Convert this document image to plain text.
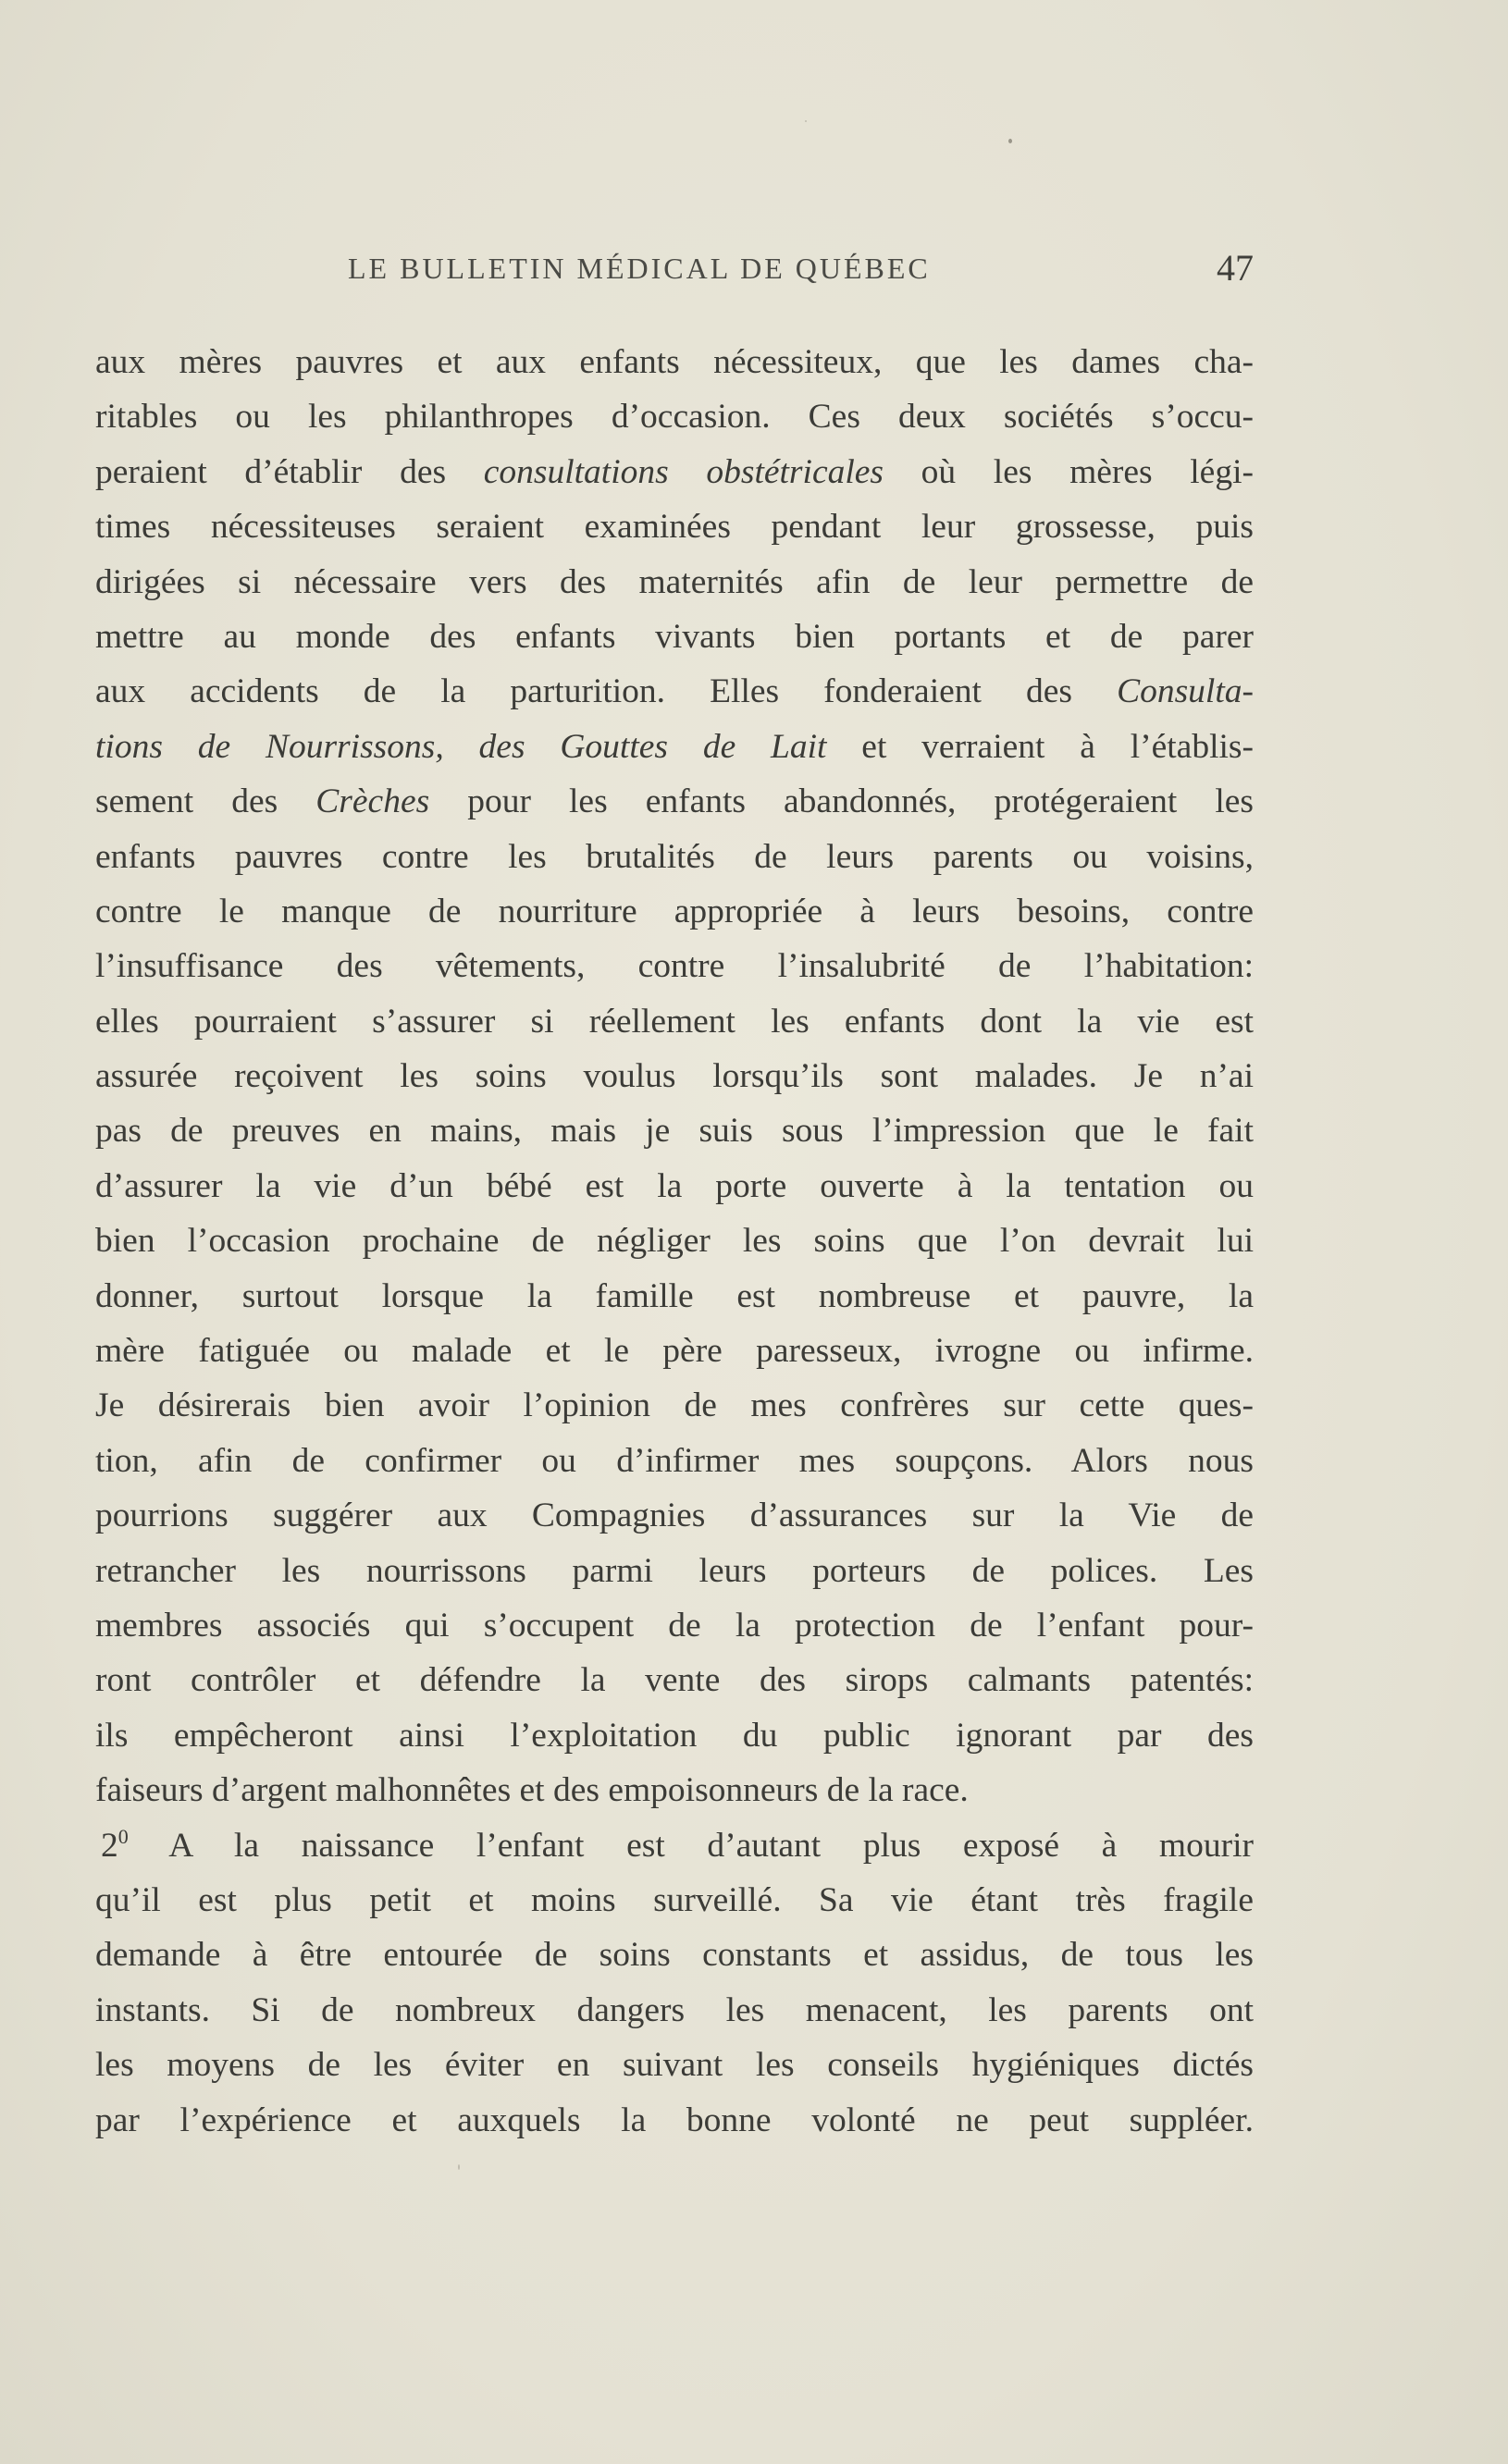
LE BULLETIN MÉDICAL DE QUÉBEC	47
aux mères pauvres et aux enfants nécessiteux, que les dames cha-
ritables ou les philanthropes d’occasion. Ces deux sociétés s’occu-
peraient d’établir des consultations obstétricales où les mères légi-
times nécessiteuses seraient examinées pendant leur grossesse, puis
dirigées si nécessaire vers des maternités afin de leur permettre de
mettre au monde des enfants vivants bien portants et de parer
aux accidents de la parturition. Elles fonderaient des Consulta-
tions de Nourrissons, des Gouttes de Lait et verraient à l’établis-
sement des Crèches pour les enfants abandonnés, protégeraient les
enfants pauvres contre les brutalités de leurs parents ou voisins,
contre le manque de nourriture appropriée à leurs besoins, contre
l’insuffisance des vêtements, contre l’insalubrité de l’habitation:
elles pourraient s’assurer si réellement les enfants dont la vie est
assurée reçoivent les soins voulus lorsqu’ils sont malades. Je n’ai
pas de preuves en mains, mais je suis sous l’impression que le fait
d’assurer la vie d’un bébé est la porte ouverte à la tentation ou
bien l’occasion prochaine de négliger les soins que l’on devrait lui
donner, surtout lorsque la famille est nombreuse et pauvre, la
mère fatiguée ou malade et le père paresseux, ivrogne ou infirme.
Je désirerais bien avoir l’opinion de mes confrères sur cette ques-
tion, afin de confirmer ou d’infirmer mes soupçons. Alors nous
pourrions suggérer aux Compagnies d’assurances sur la Vie de
retrancher les nourrissons parmi leurs porteurs de polices. Les
membres associés qui s’occupent de la protection de l’enfant pour-
ront contrôler et défendre la vente des sirops calmants patentés:
ils empêcheront ainsi l’exploitation du public ignorant par des
faiseurs d’argent malhonnêtes et des empoisonneurs de la race.
$2^0$ A la naissance l’enfant est d’autant plus exposé à mourir
qu’il est plus petit et moins surveillé. Sa vie étant très fragile
demande à être entourée de soins constants et assidus, de tous les
instants. Si de nombreux dangers les menacent, les parents ont
les moyens de les éviter en suivant les conseils hygiéniques dictés
par l’expérience et auxquels la bonne volonté ne peut suppléer.
